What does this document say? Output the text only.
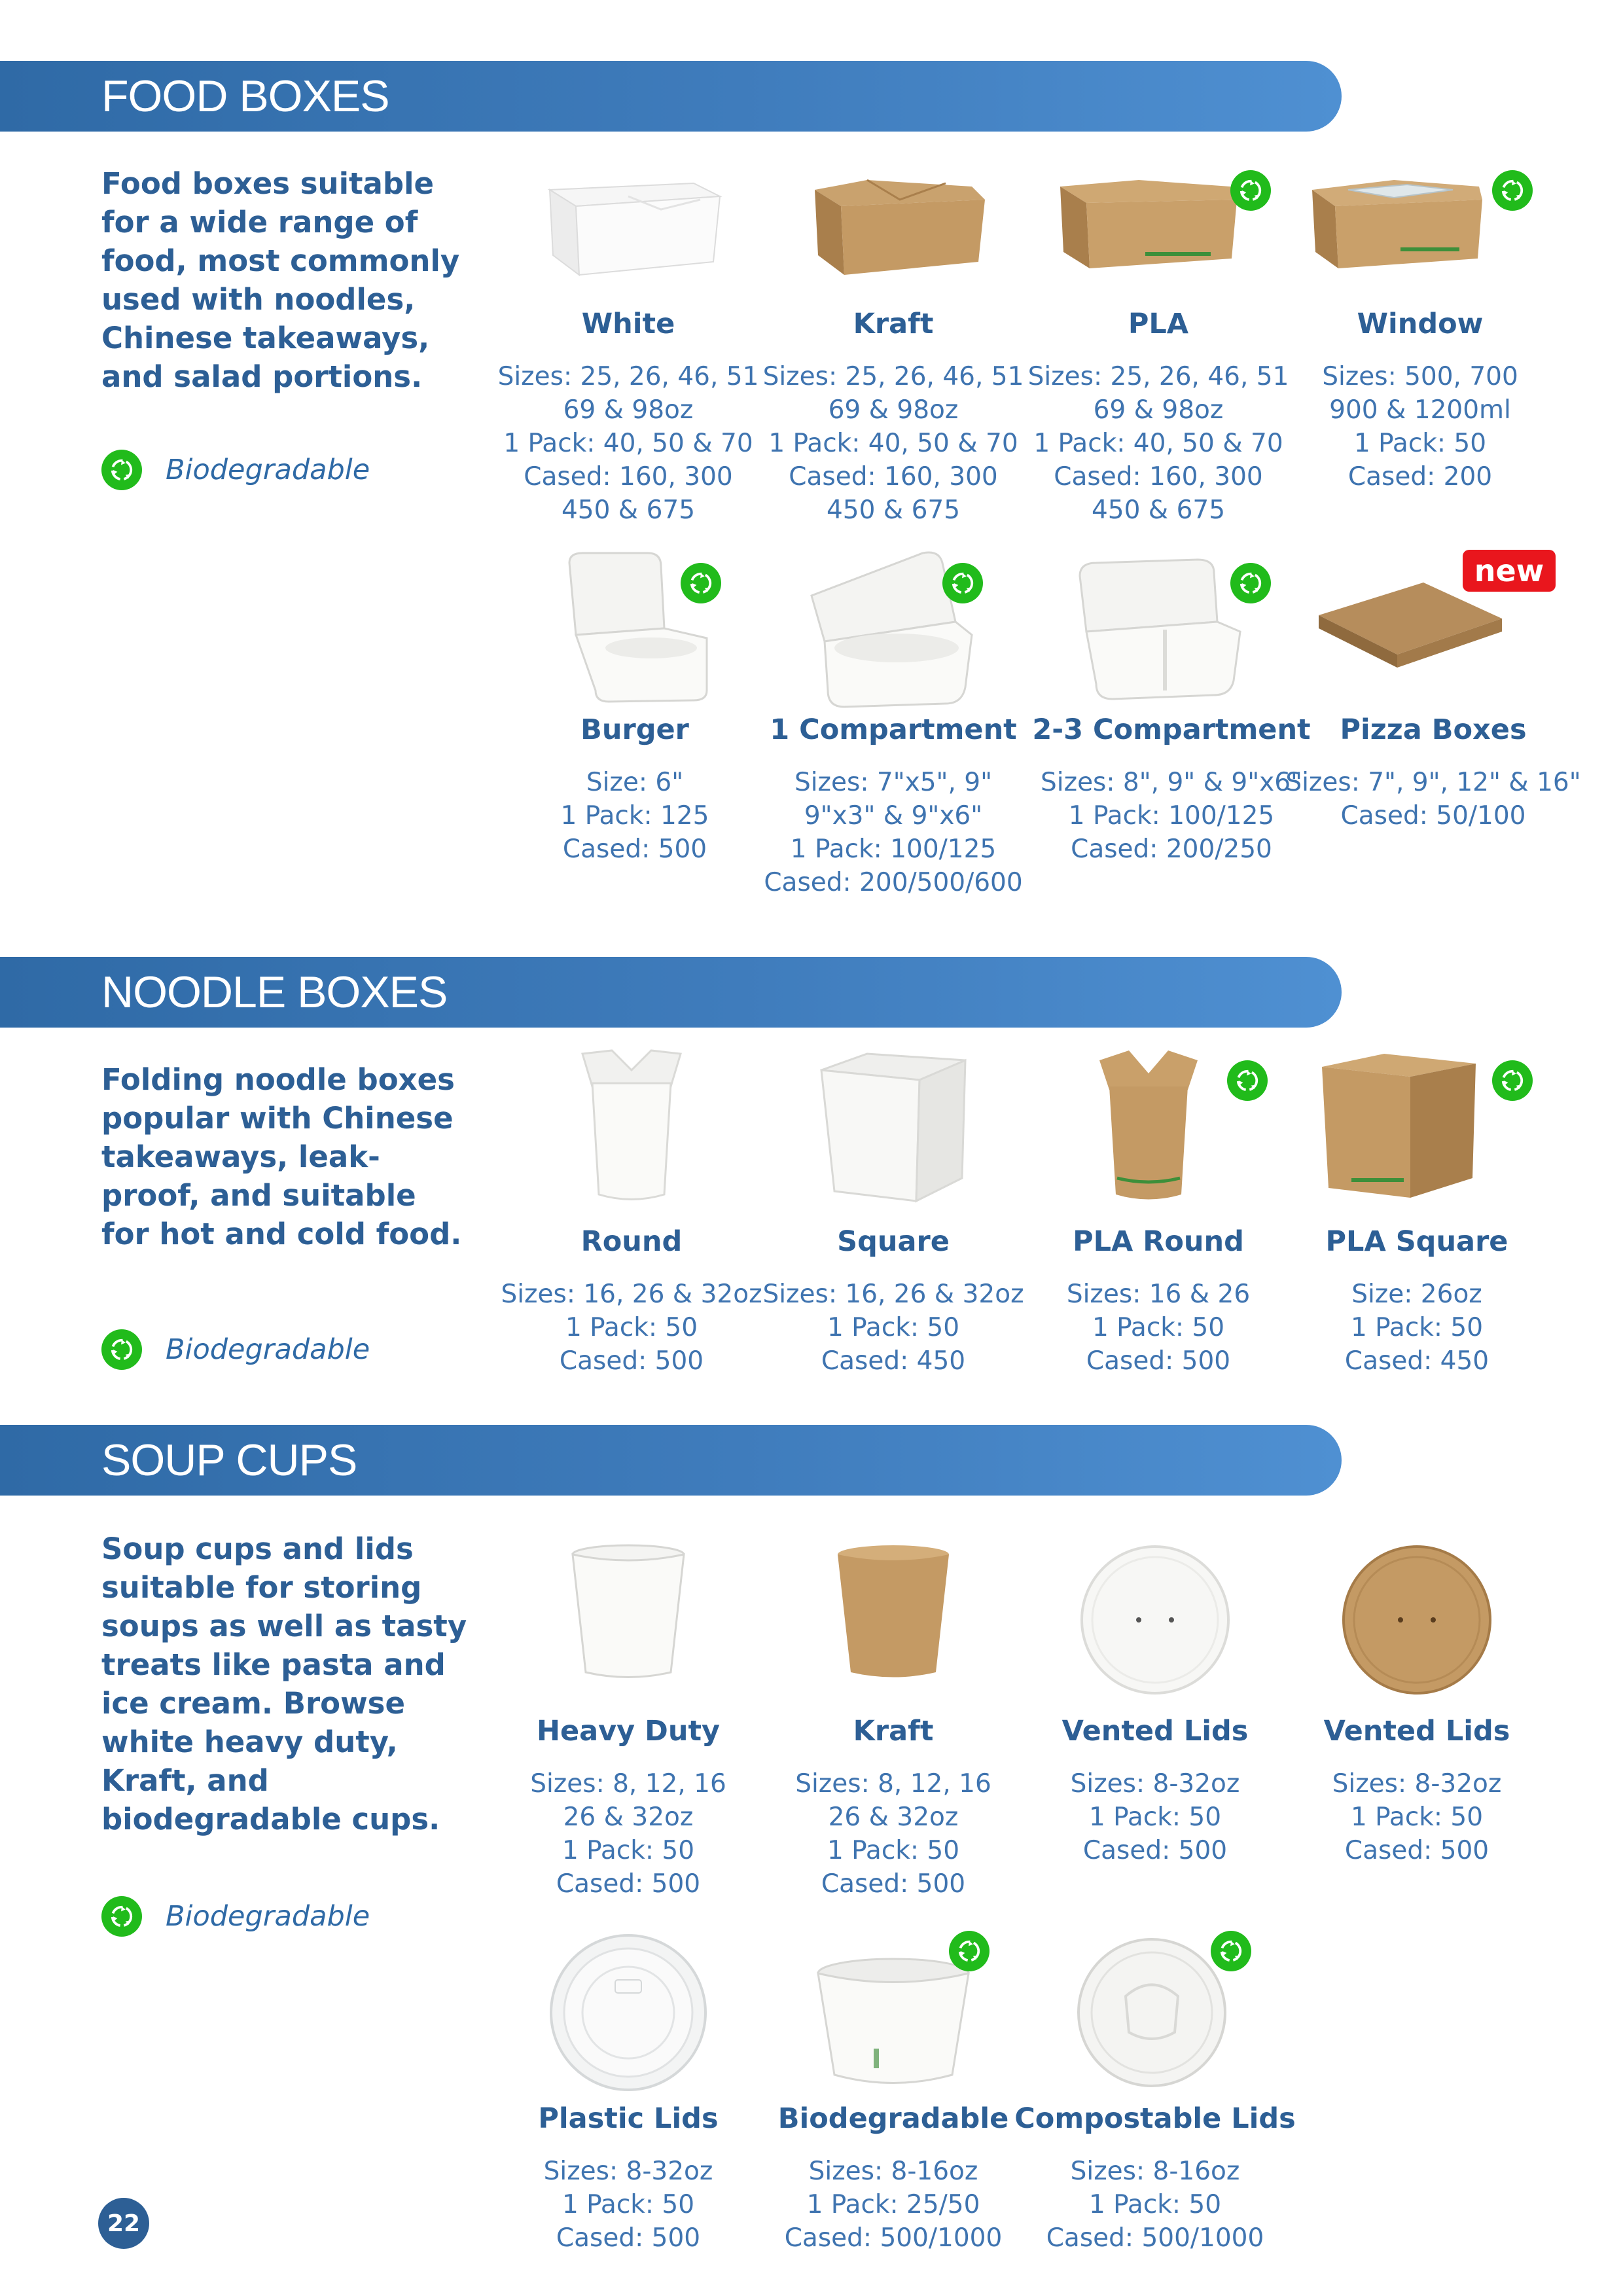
FOOD BOXES
Food boxes suitable for a wide range of food, most commonly used with noodles, Chinese takeaways, and salad portions.
Biodegradable
White
Sizes: 25, 26, 46, 51
69 & 98oz
1 Pack: 40, 50 & 70
Cased: 160, 300
450 & 675
Kraft
Sizes: 25, 26, 46, 51
69 & 98oz
1 Pack: 40, 50 & 70
Cased: 160, 300
450 & 675
PLA
Sizes: 25, 26, 46, 51
69 & 98oz
1 Pack: 40, 50 & 70
Cased: 160, 300
450 & 675
Window
Sizes: 500, 700
900 & 1200ml
1 Pack: 50
Cased: 200
Burger
Size: 6"
1 Pack: 125
Cased: 500
1 Compartment
Sizes: 7"x5", 9"
9"x3" & 9"x6"
1 Pack: 100/125
Cased: 200/500/600
2-3 Compartment
Sizes: 8", 9" & 9"x6"
1 Pack: 100/125
Cased: 200/250
new
Pizza Boxes
Sizes: 7", 9", 12" & 16"
Cased: 50/100
NOODLE BOXES
Folding noodle boxes popular with Chinese takeaways, leak-proof, and suitable for hot and cold food.
Biodegradable
Round
Sizes: 16, 26 & 32oz
1 Pack: 50
Cased: 500
Square
Sizes: 16, 26 & 32oz
1 Pack: 50
Cased: 450
PLA Round
Sizes: 16 & 26
1 Pack: 50
Cased: 500
PLA Square
Size: 26oz
1 Pack: 50
Cased: 450
SOUP CUPS
Soup cups and lids suitable for storing soups as well as tasty treats like pasta and ice cream. Browse white heavy duty, Kraft, and biodegradable cups.
Biodegradable
Heavy Duty
Sizes: 8, 12, 16
26 & 32oz
1 Pack: 50
Cased: 500
Kraft
Sizes: 8, 12, 16
26 & 32oz
1 Pack: 50
Cased: 500
Vented Lids
Sizes: 8-32oz
1 Pack: 50
Cased: 500
Vented Lids
Sizes: 8-32oz
1 Pack: 50
Cased: 500
Plastic Lids
Sizes: 8-32oz
1 Pack: 50
Cased: 500
Biodegradable
Sizes: 8-16oz
1 Pack: 25/50
Cased: 500/1000
Compostable Lids
Sizes: 8-16oz
1 Pack: 50
Cased: 500/1000
22
